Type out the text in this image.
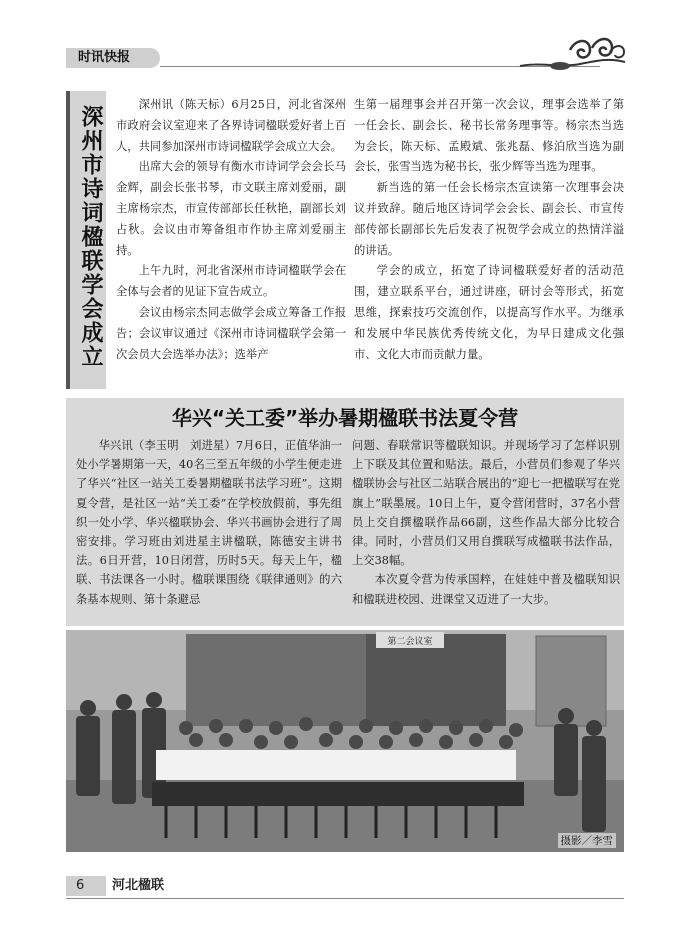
时讯快报
深州市诗词楹联学会成立

深州讯（陈天标）6月25日，河北省深州市政府会议室迎来了各界诗词楹联爱好者上百人，共同参加深州市诗词楹联学会成立大会。

出席大会的领导有衡水市诗词学会会长马金辉，副会长张书琴，市文联主席刘爱丽，副主席杨宗杰，市宣传部部长任秋艳，副部长刘占秋。会议由市筹备组市作协主席刘爱丽主持。

上午九时，河北省深州市诗词楹联学会在全体与会者的见证下宣告成立。

会议由杨宗杰同志做学会成立筹备工作报告；会议审议通过《深州市诗词楹联学会第一次会员大会选举办法》；选举产

生第一届理事会并召开第一次会议，理事会选举了第一任会长、副会长、秘书长常务理事等。杨宗杰当选为会长，陈天标、孟殿斌、张兆磊、修泊欣当选为副会长，张雪当选为秘书长，张少辉等当选为理事。

新当选的第一任会长杨宗杰宣读第一次理事会决议并致辞。随后地区诗词学会会长、副会长、市宣传部传部长副部长先后发表了祝贺学会成立的热情洋溢的讲话。

学会的成立，拓宽了诗词楹联爱好者的活动范围，建立联系平台，通过讲座，研讨会等形式，拓宽思维，探索技巧交流创作，以提高写作水平。为继承和发展中华民族优秀传统文化，为早日建成文化强市、文化大市而贡献力量。

华兴“关工委”举办暑期楹联书法夏令营

华兴讯（李玉明　刘进星）7月6日，正值华油一处小学暑期第一天，40名三至五年级的小学生便走进了华兴“社区一站关工委暑期楹联书法学习班”。这期夏令营，是社区一站“关工委”在学校放假前，事先组织一处小学、华兴楹联协会、华兴书画协会进行了周密安排。学习班由刘进星主讲楹联，陈德安主讲书法。6日开营，10日闭营，历时5天。每天上午，楹联、书法课各一小时。楹联课围绕《联律通则》的六条基本规则、第十条避忌

问题、春联常识等楹联知识。并现场学习了怎样识别上下联及其位置和贴法。最后，小营员们参观了华兴楹联协会与社区二站联合展出的“迎七一把楹联写在党旗上”联墨展。10日上午，夏令营闭营时，37名小营员上交自撰楹联作品66副，这些作品大部分比较合律。同时，小营员们又用自撰联写成楹联书法作品，上交38幅。

本次夏令营为传承国粹，在娃娃中普及楹联知识和楹联进校园、进课堂又迈进了一大步。

第二会议室
摄影／李雪
6	河北楹联
